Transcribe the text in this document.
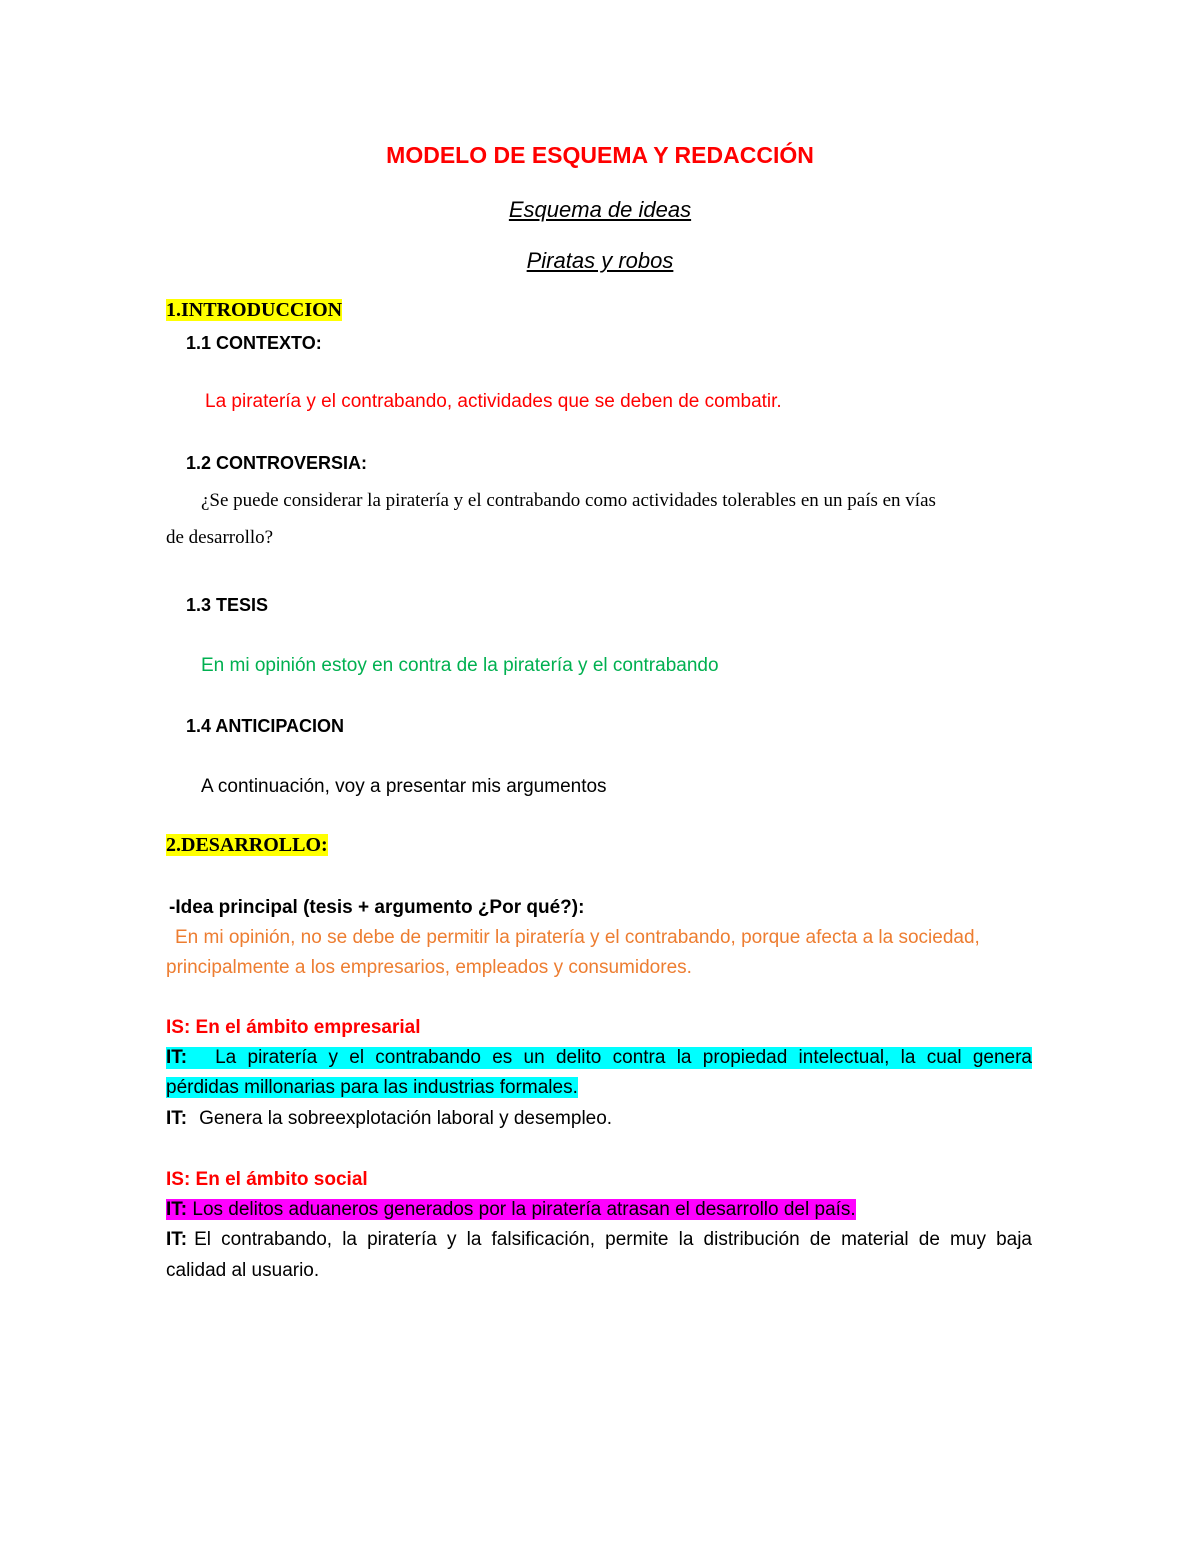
MODELO DE ESQUEMA Y REDACCIÓN
Esquema de ideas
Piratas y robos
1.INTRODUCCION
1.1 CONTEXTO:
La piratería y el contrabando, actividades que se deben de combatir.
1.2 CONTROVERSIA:
¿Se puede considerar la piratería y el contrabando como actividades tolerables en un país en vías
de desarrollo?
1.3 TESIS
En mi opinión estoy en contra de la piratería y el contrabando
1.4 ANTICIPACION
A continuación, voy a presentar mis argumentos
2.DESARROLLO:
-Idea principal (tesis + argumento ¿Por qué?):
En mi opinión, no se debe de permitir la piratería y el contrabando, porque afecta a la sociedad,
principalmente a los empresarios, empleados y consumidores.
IS: En el ámbito empresarial
IT: La piratería y el contrabando es un delito contra la propiedad intelectual, la cual genera
pérdidas millonarias para las industrias formales.
IT: Genera la sobreexplotación laboral y desempleo.
IS: En el ámbito social
IT: Los delitos aduaneros generados por la piratería atrasan el desarrollo del país.
IT: El contrabando, la piratería y la falsificación, permite la distribución de material de muy baja
calidad al usuario.
